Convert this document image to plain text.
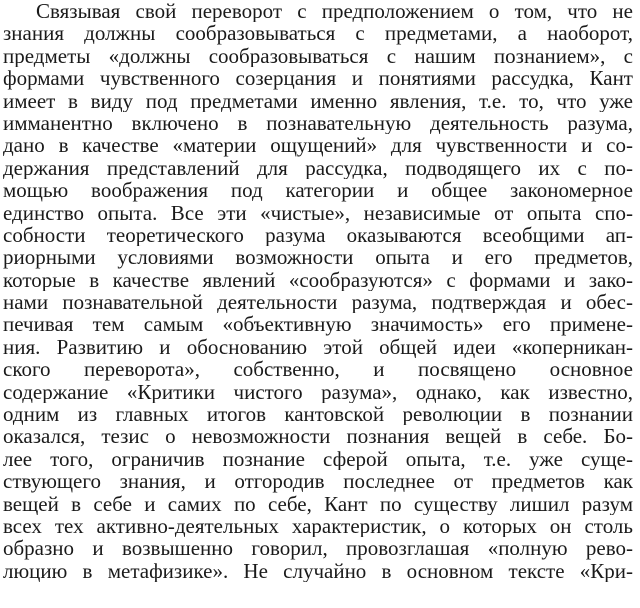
Связывая свой переворот с предположением о том, что не
знания должны сообразовываться с предметами, а наоборот,
предметы «должны сообразовываться с нашим познанием», с
формами чувственного созерцания и понятиями рассудка, Кант
имеет в виду под предметами именно явления, т.е. то, что уже
имманентно включено в познавательную деятельность разума,
дано в качестве «материи ощущений» для чувственности и со-
держания представлений для рассудка, подводящего их с по-
мощью воображения под категории и общее закономерное
единство опыта. Все эти «чистые», независимые от опыта спо-
собности теоретического разума оказываются всеобщими ап-
риорными условиями возможности опыта и его предметов,
которые в качестве явлений «сообразуются» с формами и зако-
нами познавательной деятельности разума, подтверждая и обес-
печивая тем самым «объективную значимость» его примене-
ния. Развитию и обоснованию этой общей идеи «коперникан-
ского переворота», собственно, и посвящено основное
содержание «Критики чистого разума», однако, как известно,
одним из главных итогов кантовской революции в познании
оказался, тезис о невозможности познания вещей в себе. Бо-
лее того, ограничив познание сферой опыта, т.е. уже суще-
ствующего знания, и отгородив последнее от предметов как
вещей в себе и самих по себе, Кант по существу лишил разум
всех тех активно-деятельных характеристик, о которых он столь
образно и возвышенно говорил, провозглашая «полную рево-
люцию в метафизике». Не случайно в основном тексте «Кри-
